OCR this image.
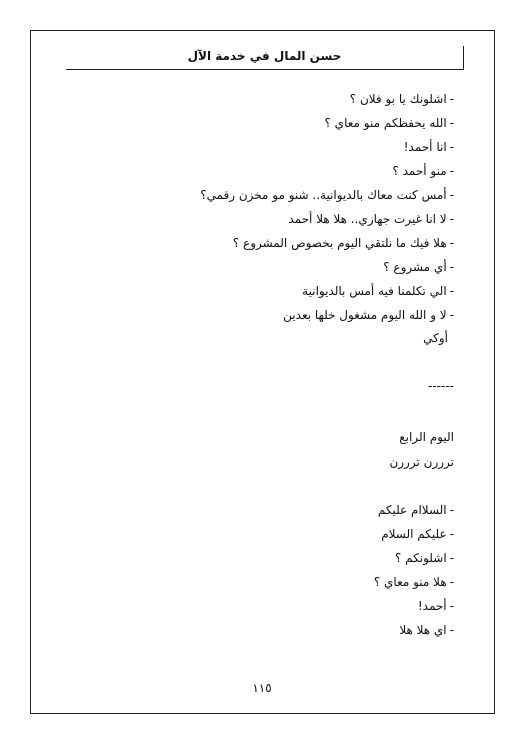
حسن المال في خدمة الآل
-اشلونك يا بو فلان ؟
-الله يحفظكم منو معاي ؟
-انا أحمد!
-منو أحمد ؟
-أمس كنت معاك بالديوانية.. شنو مو مخزن رقمي؟
-لا انا غيرت جهازي.. هلا هلا أحمد
-هلا فيك ما نلتقي اليوم بخصوص المشروع ؟
-أي مشروع ؟
-الي تكلمنا فيه أمس بالديوانية
-لا و الله اليوم مشغول خلها بعدين
أوكي
------
اليوم الرابع
ترررن ترررن
-السلاام عليكم
-عليكم السلام
-اشلونكم ؟
-هلا منو معاي ؟
-أحمد!
-اي هلا هلا
١١٥
